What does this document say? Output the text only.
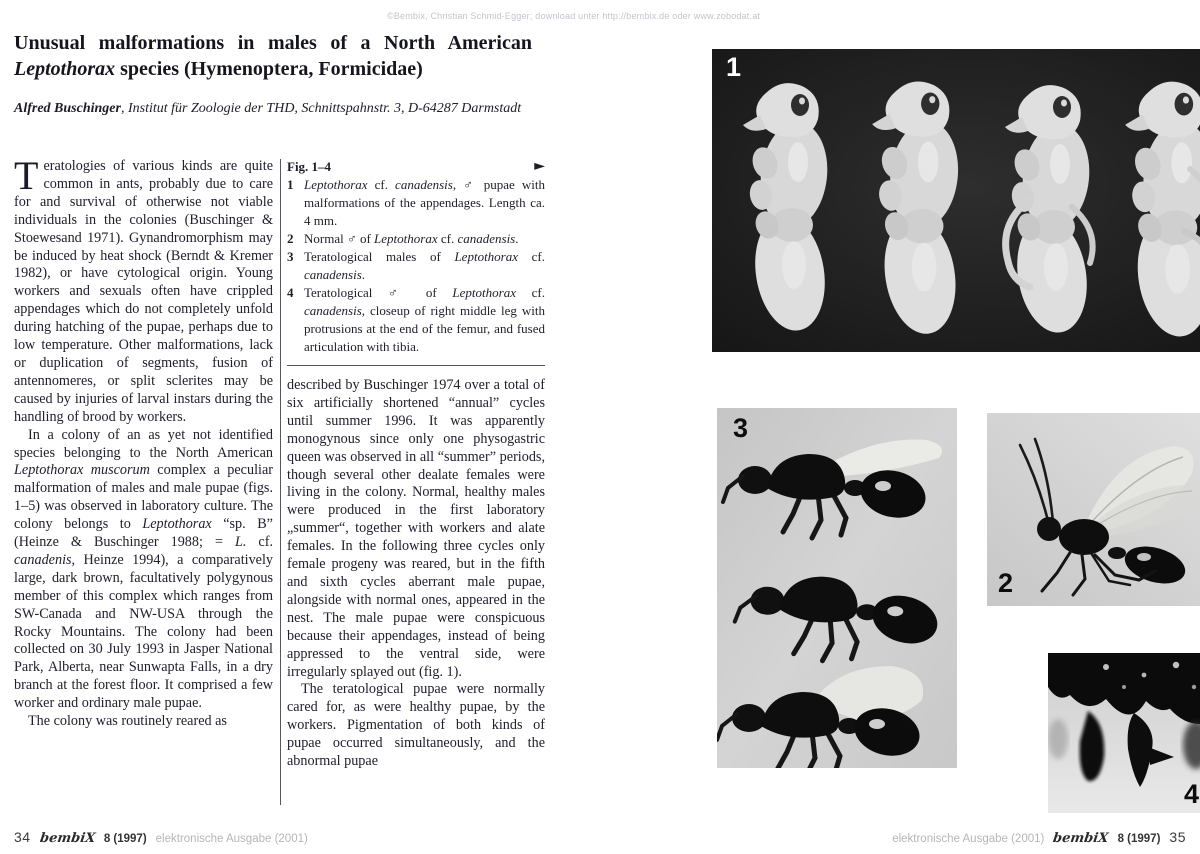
©Bembix, Christian Schmid-Egger; download unter http://bembix.de oder www.zobodat.at
Unusual malformations in males of a North American Leptothorax species (Hymenoptera, Formicidae)
Alfred Buschinger, Institut für Zoologie der THD, Schnittspahnstr. 3, D-64287 Darmstadt

Teratologies of various kinds are quite common in ants, probably due to care for and survival of otherwise not viable individuals in the colonies (Buschinger & Stoewesand 1971). Gynandromorphism may be induced by heat shock (Berndt & Kremer 1982), or have cytological origin. Young workers and sexuals often have crippled appendages which do not completely unfold during hatching of the pupae, perhaps due to low temperature. Other malformations, lack or duplication of segments, fusion of antennomeres, or split sclerites may be caused by injuries of larval instars during the handling of brood by workers.

In a colony of an as yet not identified species belonging to the North American Leptothorax muscorum complex a peculiar malformation of males and male pupae (figs. 1–5) was observed in laboratory culture. The colony belongs to Leptothorax “sp. B” (Heinze & Buschinger 1988; = L. cf. canadenis, Heinze 1994), a comparatively large, dark brown, facultatively polygynous member of this complex which ranges from SW-Canada and NW-USA through the Rocky Mountains. The colony had been collected on 30 July 1993 in Jasper National Park, Alberta, near Sunwapta Falls, in a dry branch at the forest floor. It comprised a few worker and ordinary male pupae.

The colony was routinely reared as

Fig. 1–4	►
1 Leptothorax cf. canadensis, ♂ pupae with malformations of the appendages. Length ca. 4 mm.
2 Normal ♂ of Leptothorax cf. canadensis.
3 Teratological males of Leptothorax cf. canadensis.
4 Teratological ♂ of Leptothorax cf. canadensis, closeup of right middle leg with protrusions at the end of the femur, and fused articulation with tibia.

described by Buschinger 1974 over a total of six artificially shortened “annual” cycles until summer 1996. It was apparently monogynous since only one physogastric queen was observed in all “summer” periods, though several other dealate females were living in the colony. Normal, healthy males were produced in the first laboratory „summer“, together with workers and alate females. In the following three cycles only female progeny was reared, but in the fifth and sixth cycles aberrant male pupae, alongside with normal ones, appeared in the nest. The male pupae were conspicuous because their appendages, instead of being appressed to the ventral side, were irregularly splayed out (fig. 1).

The teratological pupae were normally cared for, as were healthy pupae, by the workers. Pigmentation of both kinds of pupae occurred simultaneously, and the abnormal pupae

1
3
2
4
34 bembiX 8 (1997) elektronische Ausgabe (2001)	elektronische Ausgabe (2001) bembiX 8 (1997) 35
